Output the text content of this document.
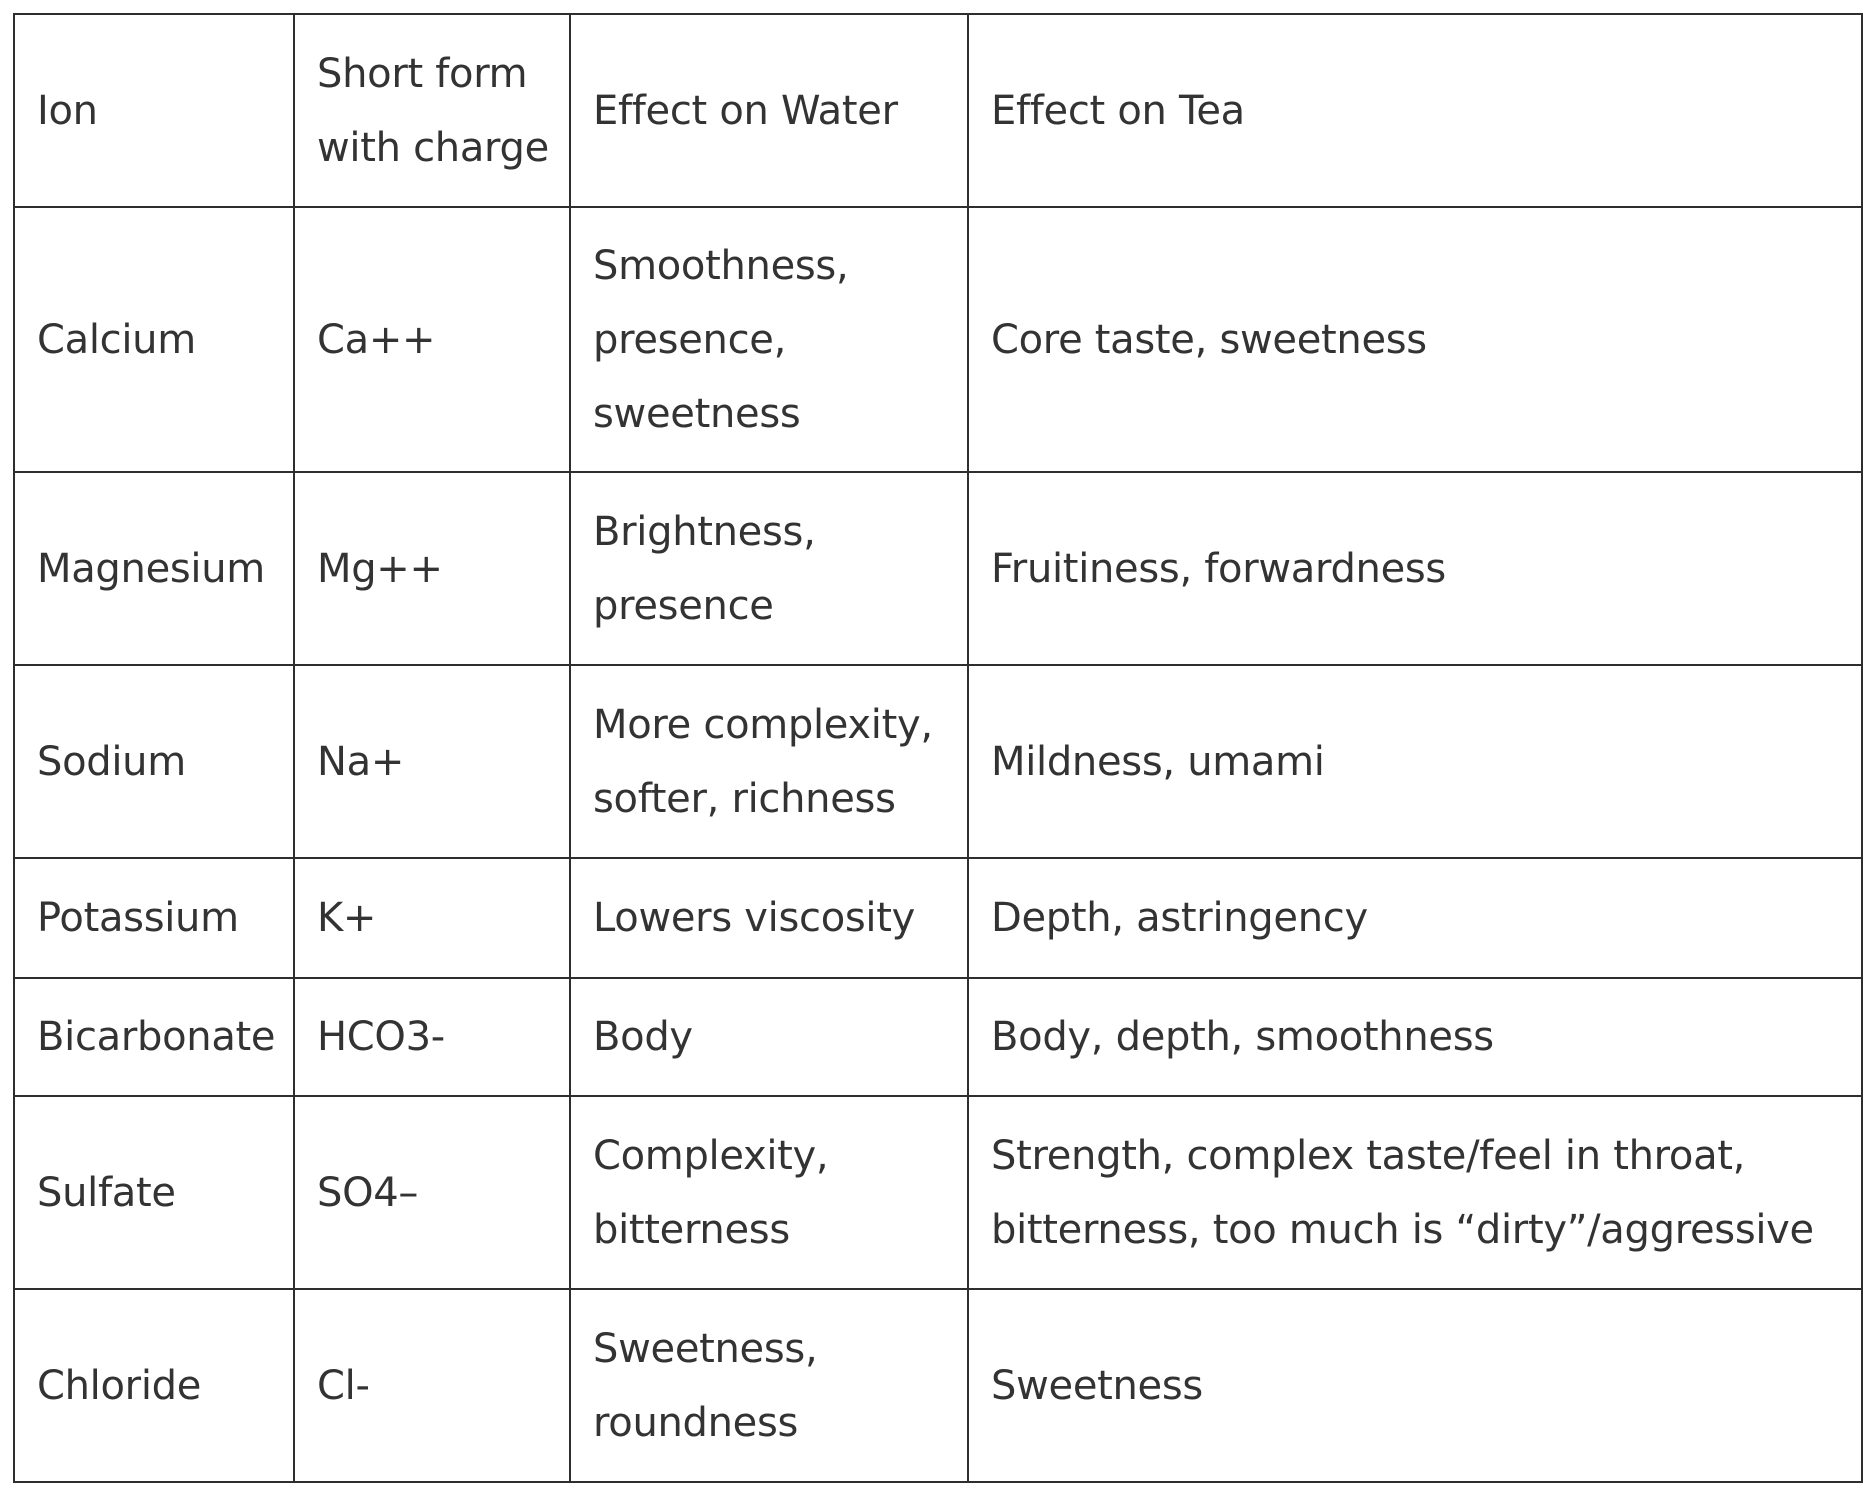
Ion	Short form with charge	Effect on Water	Effect on Tea
Calcium	Ca++	Smoothness, presence, sweetness	Core taste, sweetness
Magnesium	Mg++	Brightness, presence	Fruitiness, forwardness
Sodium	Na+	More complexity, softer, richness	Mildness, umami
Potassium	K+	Lowers viscosity	Depth, astringency
Bicarbonate	HCO3-	Body	Body, depth, smoothness
Sulfate	SO4–	Complexity, bitterness	Strength, complex taste/feel in throat, bitterness, too much is “dirty”/aggressive
Chloride	Cl-	Sweetness, roundness	Sweetness
